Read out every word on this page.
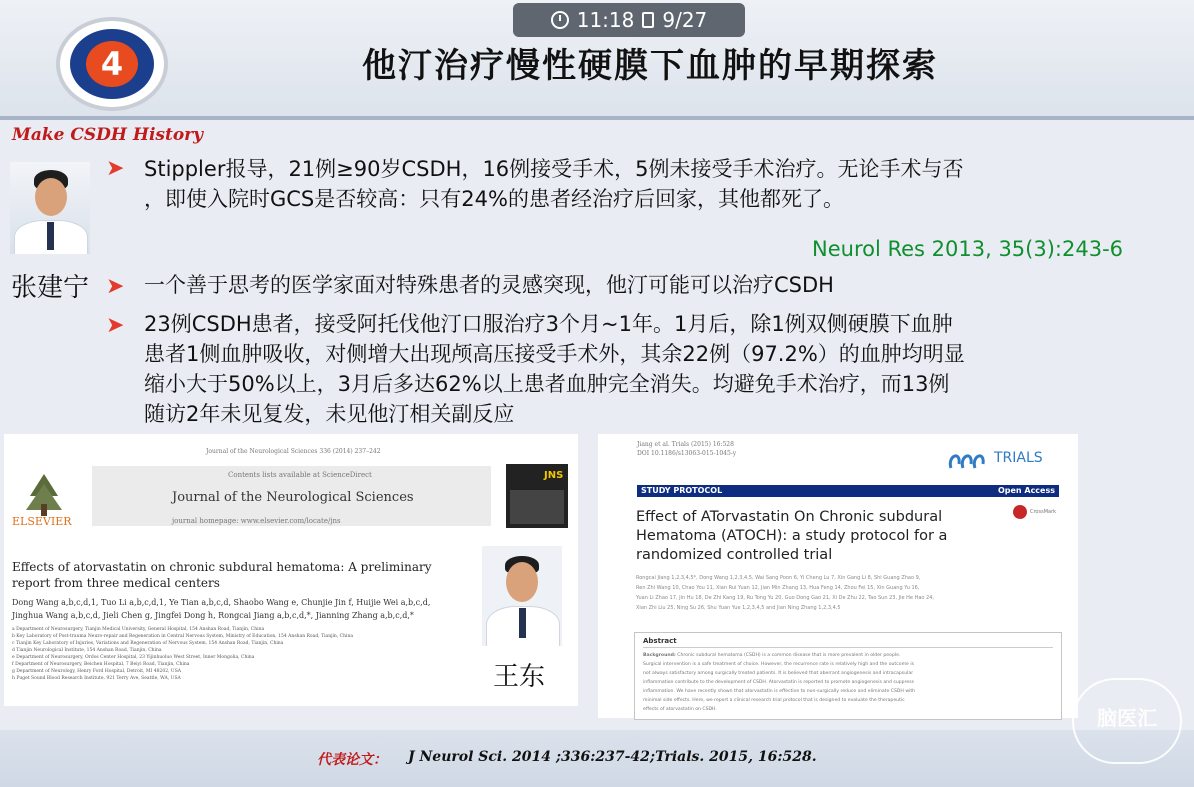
11:18 9/27
4	他汀治疗慢性硬膜下血肿的早期探索
Make CSDH History
张建宁
➤ Stippler报导，21例≥90岁CSDH，16例接受手术，5例未接受手术治疗。无论手术与否
，即使入院时GCS是否较高：只有24%的患者经治疗后回家，其他都死了。
Neurol Res 2013, 35(3):243-6
➤ 一个善于思考的医学家面对特殊患者的灵感突现，他汀可能可以治疗CSDH
➤ 23例CSDH患者，接受阿托伐他汀口服治疗3个月~1年。1月后，除1例双侧硬膜下血肿
患者1侧血肿吸收，对侧增大出现颅高压接受手术外，其余22例（97.2%）的血肿均明显
缩小大于50%以上，3月后多达62%以上患者血肿完全消失。均避免手术治疗，而13例
随访2年未见复发，未见他汀相关副反应
Journal of the Neurological Sciences 336 (2014) 237–242
ELSEVIER
Contents lists available at ScienceDirect
Journal of the Neurological Sciences
journal homepage: www.elsevier.com/locate/jns
JNS
Effects of atorvastatin on chronic subdural hematoma: A preliminary
report from three medical centers
Dong Wang a,b,c,d,1, Tuo Li a,b,c,d,1, Ye Tian a,b,c,d, Shaobo Wang e, Chunjie Jin f, Huijie Wei a,b,c,d,
Jinghua Wang a,b,c,d, Jieli Chen g, Jingfei Dong h, Rongcai Jiang a,b,c,d,*, Jianning Zhang a,b,c,d,*
a Department of Neurosurgery, Tianjin Medical University, General Hospital, 154 Anshan Road, Tianjin, China
b Key Laboratory of Post-trauma Neuro-repair and Regeneration in Central Nervous System, Ministry of Education, 154 Anshan Road, Tianjin, China
c Tianjin Key Laboratory of Injuries, Variations and Regeneration of Nervous System, 154 Anshan Road, Tianjin, China
d Tianjin Neurological Institute, 154 Anshan Road, Tianjin, China
e Department of Neurosurgery, Ordos Center Hospital, 23 Yijinhuoluo West Street, Inner Mongolia, China
f Department of Neurosurgery, Beichen Hospital, 7 Beiyi Road, Tianjin, China
g Department of Neurology, Henry Ford Hospital, Detroit, MI 48202, USA
h Puget Sound Blood Research Institute, 921 Terry Ave, Seattle, WA, USA	王东
Jiang et al. Trials (2015) 16:528
DOI 10.1186/s13063-015-1045-y	TRIALS
STUDY PROTOCOL	Open Access
Effect of ATorvastatin On Chronic subdural
Hematoma (ATOCH): a study protocol for a
randomized controlled trial
CrossMark
Rongcai Jiang 1,2,3,4,5*, Dong Wang 1,2,3,4,5, Wai Sang Poon 6, Yi Cheng Lu 7, Xin Gang Li 8, Shi Guang Zhao 9,
Ren Zhi Wang 10, Chao You 11, Xian Rui Yuan 12, Jian Min Zhang 13, Hua Feng 14, Zhou Fei 15, Xin Guang Yu 16,
Yuan Li Zhao 17, Jin Hu 18, De Zhi Kang 19, Ru Tong Yu 20, Guo Dong Gao 21, Xi De Zhu 22, Tao Sun 23, Jie He Hao 24,
Xian Zhi Liu 25, Ning Su 26, Shu Yuan Yue 1,2,3,4,5 and Jian Ning Zhang 1,2,3,4,5
Abstract
Background: Chronic subdural hematoma (CSDH) is a common disease that is more prevalent in older people.
Surgical intervention is a safe treatment of choice. However, the recurrence rate is relatively high and the outcome is
not always satisfactory among surgically treated patients. It is believed that aberrant angiogenesis and intracapsular
inflammation contribute to the development of CSDH. Atorvastatin is reported to promote angiogenesis and suppress
inflammation. We have recently shown that atorvastatin is effective to non-surgically reduce and eliminate CSDH with
minimal side effects. Here, we report a clinical research trial protocol that is designed to evaluate the therapeutic
effects of atorvastatin on CSDH.
代表论文： J Neurol Sci. 2014 ;336:237-42;Trials. 2015, 16:528.
脑医汇
